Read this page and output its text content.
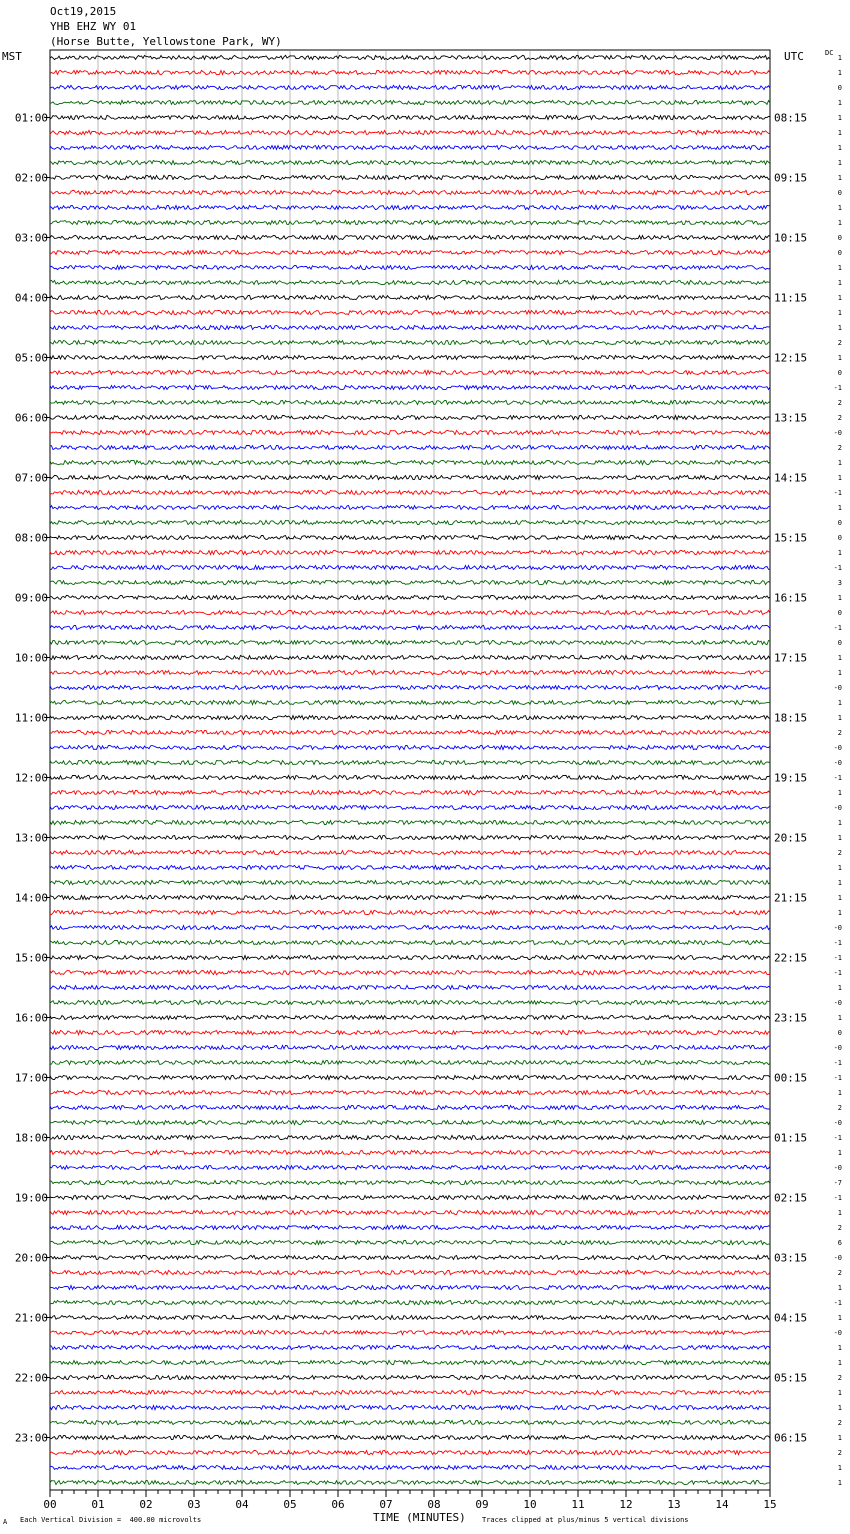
Oct19,2015
YHB EHZ WY 01
(Horse Butte, Yellowstone Park, WY)
MST	UTC	DC
1
1
0
1
1
1
1
1
1
0
1
1
0
0
1
1
1
1
1
2
1
0
-1
2
2
-0
2
1
1
-1
1
0
0
1
-1
3
1
0
-1
0
1
1
-0
1
1
2
-0
-0
-1
1
-0
1
1
2
1
1
1
1
-0
-1
-1
-1
1
-0
1
0
-0
-1
-1
1
2
-0
-1
1
-0
-7
-1
1
2
6
-0
2
1
-1
1
-0
1
1
2
1
1
2
1
2
1
1
01:00	08:15
02:00	09:15
03:00	10:15
04:00	11:15
05:00	12:15
06:00	13:15
07:00	14:15
08:00	15:15
09:00	16:15
10:00	17:15
11:00	18:15
12:00	19:15
13:00	20:15
14:00	21:15
15:00	22:15
16:00	23:15
17:00	00:15
18:00	01:15
19:00	02:15
20:00	03:15
21:00	04:15
22:00	05:15
23:00	06:15
00	01	02	03	04	05	06	07	08	09	10	11	12	13	14	15
A Each Vertical Division =  400.00 microvolts	TIME (MINUTES) Traces clipped at plus/minus 5 vertical divisions
